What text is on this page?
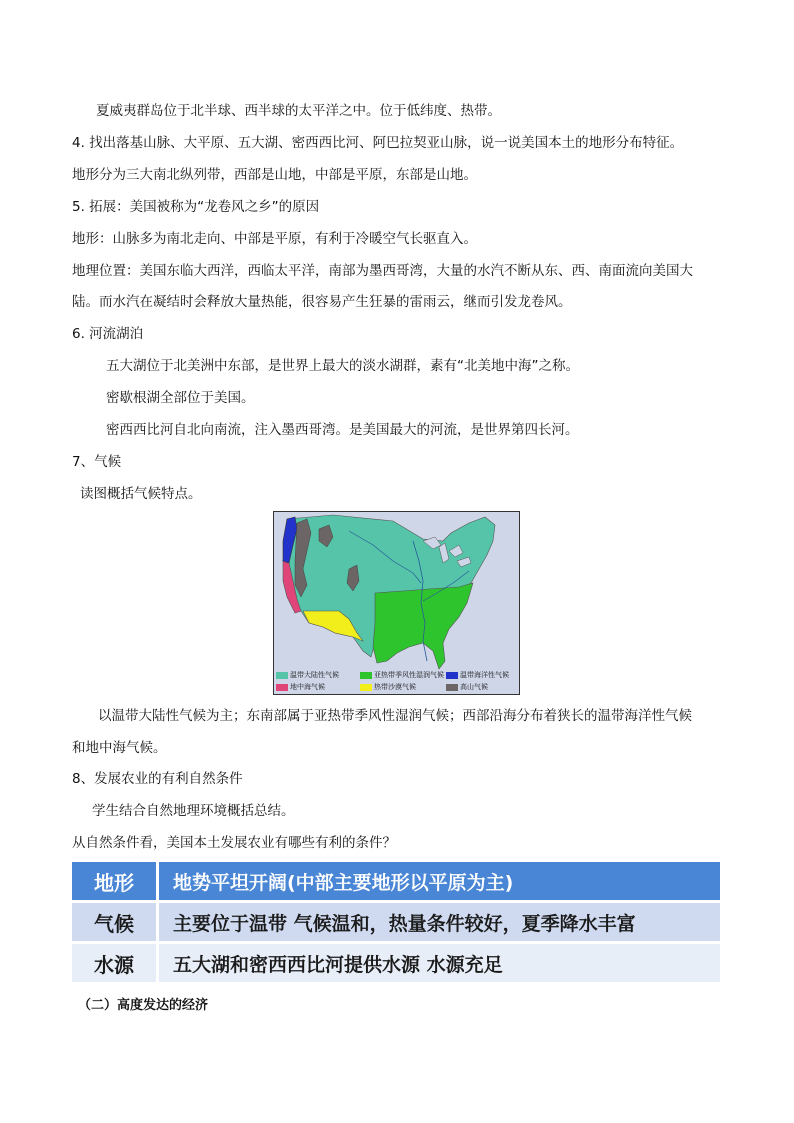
夏威夷群岛位于北半球、西半球的太平洋之中。位于低纬度、热带。
4. 找出落基山脉、大平原、五大湖、密西西比河、阿巴拉契亚山脉，说一说美国本土的地形分布特征。
地形分为三大南北纵列带，西部是山地，中部是平原，东部是山地。
5. 拓展：美国被称为“龙卷风之乡”的原因
地形：山脉多为南北走向、中部是平原，有利于冷暖空气长驱直入。
地理位置：美国东临大西洋，西临太平洋，南部为墨西哥湾，大量的水汽不断从东、西、南面流向美国大
陆。而水汽在凝结时会释放大量热能，很容易产生狂暴的雷雨云，继而引发龙卷风。
6. 河流湖泊
五大湖位于北美洲中东部，是世界上最大的淡水湖群，素有“北美地中海”之称。
密歇根湖全部位于美国。
密西西比河自北向南流，注入墨西哥湾。是美国最大的河流，是世界第四长河。
7、气候
读图概括气候特点。
温带大陆性气候	亚热带季风性湿润气候	温带海洋性气候
地中海气候	热带沙漠气候	高山气候
以温带大陆性气候为主；东南部属于亚热带季风性湿润气候；西部沿海分布着狭长的温带海洋性气候
和地中海气候。
8、发展农业的有利自然条件
学生结合自然地理环境概括总结。
从自然条件看，美国本土发展农业有哪些有利的条件？
地形	地势平坦开阔(中部主要地形以平原为主)
气候	主要位于温带 气候温和，热量条件较好，夏季降水丰富
水源	五大湖和密西西比河提供水源 水源充足
（二）高度发达的经济
